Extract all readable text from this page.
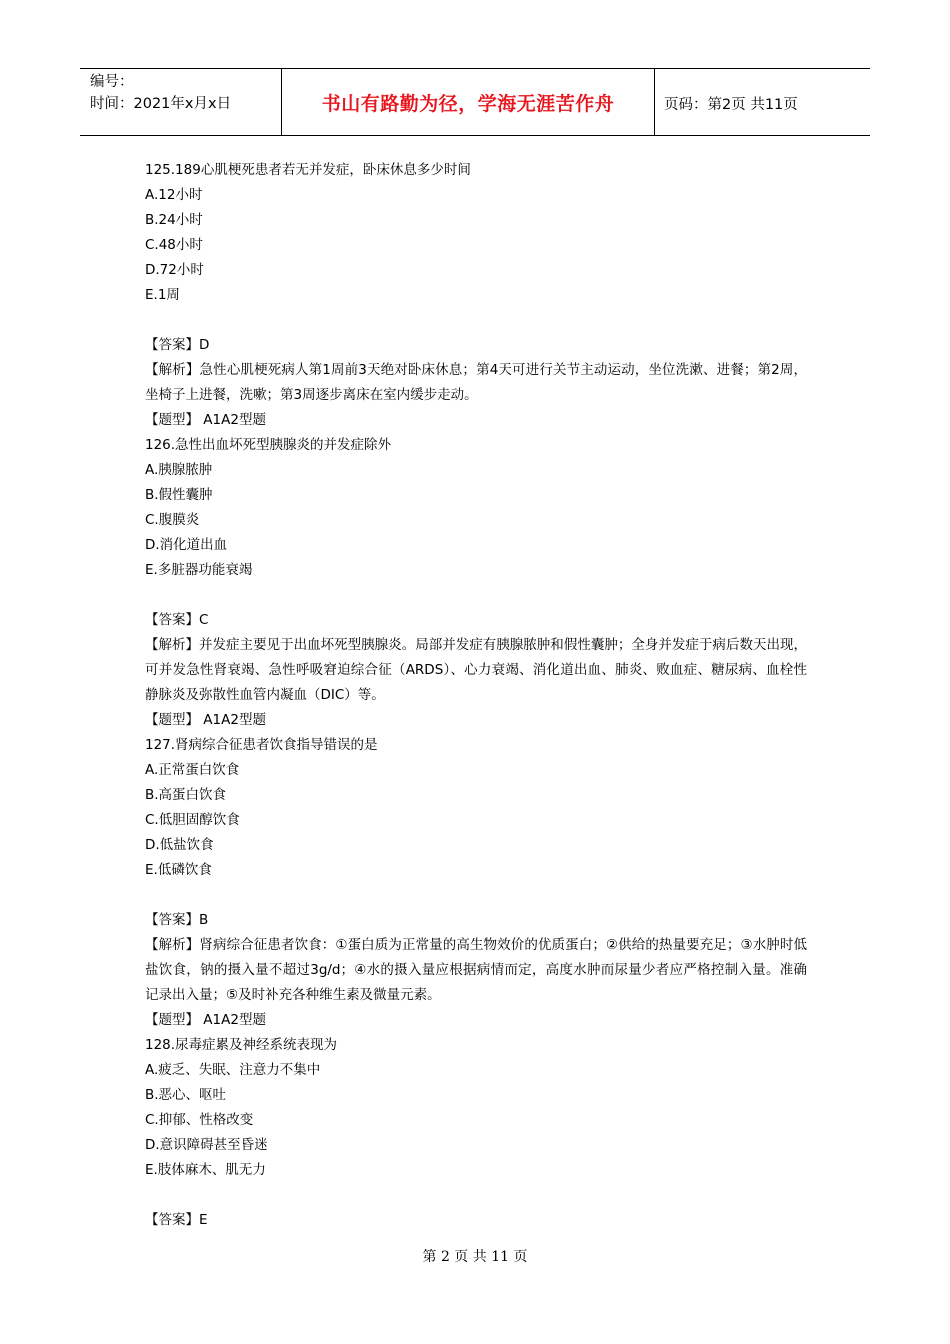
编号：
时间：2021年x月x日	书山有路勤为径，学海无涯苦作舟	页码：第2页 共11页
125.189心肌梗死患者若无并发症，卧床休息多少时间
A.12小时
B.24小时
C.48小时
D.72小时
E.1周
【答案】D
【解析】急性心肌梗死病人第1周前3天绝对卧床休息；第4天可进行关节主动运动，坐位洗漱、进餐；第2周，坐椅子上进餐，洗嗽；第3周逐步离床在室内缓步走动。
【题型】 A1A2型题
126.急性出血坏死型胰腺炎的并发症除外
A.胰腺脓肿
B.假性囊肿
C.腹膜炎
D.消化道出血
E.多脏器功能衰竭
【答案】C
【解析】并发症主要见于出血坏死型胰腺炎。局部并发症有胰腺脓肿和假性囊肿；全身并发症于病后数天出现，可并发急性肾衰竭、急性呼吸窘迫综合征（ARDS）、心力衰竭、消化道出血、肺炎、败血症、糖尿病、血栓性静脉炎及弥散性血管内凝血（DIC）等。
【题型】 A1A2型题
127.肾病综合征患者饮食指导错误的是
A.正常蛋白饮食
B.高蛋白饮食
C.低胆固醇饮食
D.低盐饮食
E.低磷饮食
【答案】B
【解析】肾病综合征患者饮食：①蛋白质为正常量的高生物效价的优质蛋白；②供给的热量要充足；③水肿时低盐饮食，钠的摄入量不超过3g/d；④水的摄入量应根据病情而定，高度水肿而尿量少者应严格控制入量。准确记录出入量；⑤及时补充各种维生素及微量元素。
【题型】 A1A2型题
128.尿毒症累及神经系统表现为
A.疲乏、失眠、注意力不集中
B.恶心、呕吐
C.抑郁、性格改变
D.意识障碍甚至昏迷
E.肢体麻木、肌无力
【答案】E
第 2 页 共 11 页
